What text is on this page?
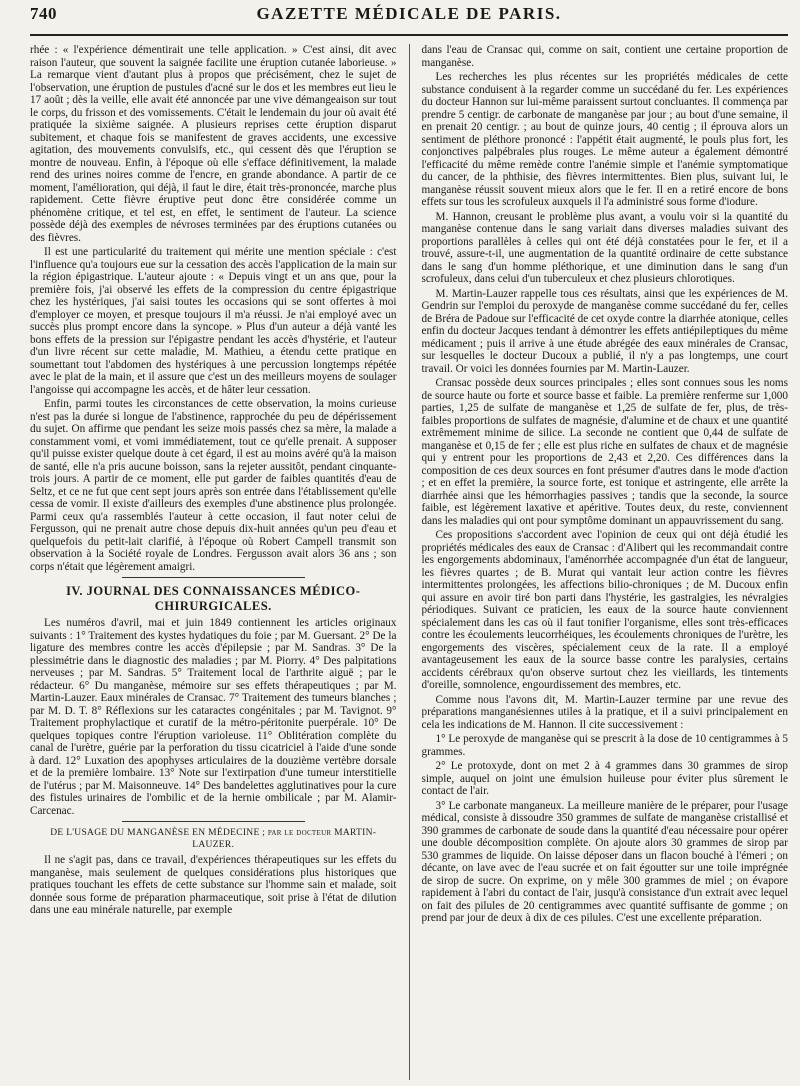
740	GAZETTE MÉDICALE DE PARIS.

rhée : « l'expérience démentirait une telle application. » C'est ainsi, dit avec raison l'auteur, que souvent la saignée facilite une éruption cutanée laborieuse. » La remarque vient d'autant plus à propos que précisément, chez le sujet de l'observation, une éruption de pustules d'acné sur le dos et les membres eut lieu le 17 août ; dès la veille, elle avait été annoncée par une vive démangeaison sur tout le corps, du frisson et des vomissements. C'était le lendemain du jour où avait été pratiquée la sixième saignée. A plusieurs reprises cette éruption disparut subitement, et chaque fois se manifestent de graves accidents, une excessive agitation, des mouvements convulsifs, etc., qui cessent dès que l'éruption se montre de nouveau. Enfin, à l'époque où elle s'efface définitivement, la malade rend des urines noires comme de l'encre, en grande abondance. A partir de ce moment, l'amélioration, qui déjà, il faut le dire, était très-prononcée, marche plus rapidement. Cette fièvre éruptive peut donc être considérée comme un phénomène critique, et tel est, en effet, le sentiment de l'auteur. La science possède déjà des exemples de névroses terminées par des éruptions cutanées ou des fièvres.

Il est une particularité du traitement qui mérite une mention spéciale : c'est l'influence qu'a toujours eue sur la cessation des accès l'application de la main sur la région épigastrique. L'auteur ajoute : « Depuis vingt et un ans que, pour la première fois, j'ai observé les effets de la compression du centre épigastrique chez les hystériques, j'ai saisi toutes les occasions qui se sont offertes à moi d'employer ce moyen, et presque toujours il m'a réussi. Je n'ai employé avec un succès plus prompt encore dans la syncope. » Plus d'un auteur a déjà vanté les bons effets de la pression sur l'épigastre pendant les accès d'hystérie, et l'auteur d'un livre récent sur cette maladie, M. Mathieu, a étendu cette pratique en soumettant tout l'abdomen des hystériques à une percussion longtemps répétée avec le plat de la main, et il assure que c'est un des meilleurs moyens de soulager l'angoisse qui accompagne les accès, et de hâter leur cessation.

Enfin, parmi toutes les circonstances de cette observation, la moins curieuse n'est pas la durée si longue de l'abstinence, rapprochée du peu de dépérissement du sujet. On affirme que pendant les seize mois passés chez sa mère, la malade a constamment vomi, et vomi immédiatement, tout ce qu'elle prenait. A supposer qu'il puisse exister quelque doute à cet égard, il est au moins avéré qu'à la maison de santé, elle n'a pris aucune boisson, sans la rejeter aussitôt, pendant cinquante-trois jours. A partir de ce moment, elle put garder de faibles quantités d'eau de Seltz, et ce ne fut que cent sept jours après son entrée dans l'établissement qu'elle cessa de vomir. Il existe d'ailleurs des exemples d'une abstinence plus prolongée. Parmi ceux qu'a rassemblés l'auteur à cette occasion, il faut noter celui de Fergusson, qui ne prenait autre chose depuis dix-huit années qu'un peu d'eau et quelquefois du petit-lait clarifié, à l'époque où Robert Campell transmit son observation à la Société royale de Londres. Fergusson avait alors 36 ans ; son corps n'était que légèrement amaigri.

IV. JOURNAL DES CONNAISSANCES MÉDICO-CHIRURGICALES.

Les numéros d'avril, mai et juin 1849 contiennent les articles originaux suivants : 1° Traitement des kystes hydatiques du foie ; par M. Guersant. 2° De la ligature des membres contre les accès d'épilepsie ; par M. Sandras. 3° De la plessimétrie dans le diagnostic des maladies ; par M. Piorry. 4° Des palpitations nerveuses ; par M. Sandras. 5° Traitement local de l'arthrite aiguë ; par le rédacteur. 6° Du manganèse, mémoire sur ses effets thérapeutiques ; par M. Martin-Lauzer. Eaux minérales de Cransac. 7° Traitement des tumeurs blanches ; par M. D. T. 8° Réflexions sur les cataractes congénitales ; par M. Tavignot. 9° Traitement prophylactique et curatif de la métro-péritonite puerpérale. 10° De quelques topiques contre l'éruption varioleuse. 11° Oblitération complète du canal de l'urètre, guérie par la perforation du tissu cicatriciel à l'aide d'une sonde à dard. 12° Luxation des apophyses articulaires de la douzième vertèbre dorsale et de la première lombaire. 13° Note sur l'extirpation d'une tumeur interstitielle de l'utérus ; par M. Maisonneuve. 14° Des bandelettes agglutinatives pour la cure des fistules urinaires de l'ombilic et de la hernie ombilicale ; par M. Alamir-Carcenac.

DE L'USAGE DU MANGANÈSE EN MÉDECINE ; par le docteur MARTIN-LAUZER.

Il ne s'agit pas, dans ce travail, d'expériences thérapeutiques sur les effets du manganèse, mais seulement de quelques considérations plus historiques que pratiques touchant les effets de cette substance sur l'homme sain et malade, soit donnée sous forme de préparation pharmaceutique, soit prise à l'état de dilution dans une eau minérale naturelle, par exemple

dans l'eau de Cransac qui, comme on sait, contient une certaine proportion de manganèse.

Les recherches les plus récentes sur les propriétés médicales de cette substance conduisent à la regarder comme un succédané du fer. Les expériences du docteur Hannon sur lui-même paraissent surtout concluantes. Il commença par prendre 5 centigr. de carbonate de manganèse par jour ; au bout d'une semaine, il en prenait 20 centigr. ; au bout de quinze jours, 40 centig ; il éprouva alors un sentiment de pléthore prononcé : l'appétit était augmenté, le pouls plus fort, les conjonctives palpébrales plus rouges. Le même auteur a également démontré l'efficacité du même remède contre l'anémie simple et l'anémie symptomatique du cancer, de la phthisie, des fièvres intermittentes. Bien plus, suivant lui, le manganèse réussit souvent mieux alors que le fer. Il en a retiré encore de bons effets sur tous les scrofuleux auxquels il l'a administré sous forme d'iodure.

M. Hannon, creusant le problème plus avant, a voulu voir si la quantité du manganèse contenue dans le sang variait dans diverses maladies suivant des proportions parallèles à celles qui ont été déjà constatées pour le fer, et il a trouvé, assure-t-il, une augmentation de la quantité ordinaire de cette substance dans le sang d'un homme pléthorique, et une diminution dans le sang d'un scrofuleux, dans celui d'un tuberculeux et chez plusieurs chlorotiques.

M. Martin-Lauzer rappelle tous ces résultats, ainsi que les expériences de M. Gendrin sur l'emploi du peroxyde de manganèse comme succédané du fer, celles de Bréra de Padoue sur l'efficacité de cet oxyde contre la diarrhée atonique, celles enfin du docteur Jacques tendant à démontrer les effets antiépileptiques du même médicament ; puis il arrive à une étude abrégée des eaux minérales de Cransac, sur lesquelles le docteur Ducoux a publié, il n'y a pas longtemps, une court travail. Or voici les données fournies par M. Martin-Lauzer.

Cransac possède deux sources principales ; elles sont connues sous les noms de source haute ou forte et source basse et faible. La première renferme sur 1,000 parties, 1,25 de sulfate de manganèse et 1,25 de sulfate de fer, plus, de très-faibles proportions de sulfates de magnésie, d'alumine et de chaux et une quantité extrêmement minime de silice. La seconde ne contient que 0,44 de sulfate de manganèse et 0,15 de fer ; elle est plus riche en sulfates de chaux et de magnésie qui y entrent pour les proportions de 2,43 et 2,20. Ces différences dans la composition de ces deux sources en font présumer d'autres dans le mode d'action ; et en effet la première, la source forte, est tonique et astringente, elle arrête la diarrhée ainsi que les hémorrhagies passives ; tandis que la seconde, la source faible, est légèrement laxative et apéritive. Toutes deux, du reste, conviennent dans les maladies qui ont pour symptôme dominant un appauvrissement du sang.

Ces propositions s'accordent avec l'opinion de ceux qui ont déjà étudié les propriétés médicales des eaux de Cransac : d'Alibert qui les recommandait contre les engorgements abdominaux, l'aménorrhée accompagnée d'un état de langueur, les fièvres quartes ; de B. Murat qui vantait leur action contre les fièvres intermittentes prolongées, les affections bilio-chroniques ; de M. Ducoux enfin qui assure en avoir tiré bon parti dans l'hystérie, les gastralgies, les névralgies périodiques. Suivant ce praticien, les eaux de la source haute conviennent spécialement dans les cas où il faut tonifier l'organisme, elles sont très-efficaces contre les écoulements leucorrhéiques, les écoulements chroniques de l'urètre, les engorgements des viscères, spécialement ceux de la rate. Il a employé avantageusement les eaux de la source basse contre les paralysies, certains accidents cérébraux qu'on observe surtout chez les vieillards, les tintements d'oreille, somnolence, engourdissement des membres, etc.

Comme nous l'avons dit, M. Martin-Lauzer termine par une revue des préparations manganésiennes utiles à la pratique, et il a suivi principalement en cela les indications de M. Hannon. Il cite successivement :

1° Le peroxyde de manganèse qui se prescrit à la dose de 10 centigrammes à 5 grammes.

2° Le protoxyde, dont on met 2 à 4 grammes dans 30 grammes de sirop simple, auquel on joint une émulsion huileuse pour éviter plus sûrement le contact de l'air.

3° Le carbonate manganeux. La meilleure manière de le préparer, pour l'usage médical, consiste à dissoudre 350 grammes de sulfate de manganèse cristallisé et 390 grammes de carbonate de soude dans la quantité d'eau nécessaire pour opérer une double décomposition complète. On ajoute alors 30 grammes de sirop par 530 grammes de liquide. On laisse déposer dans un flacon bouché à l'émeri ; on décante, on lave avec de l'eau sucrée et on fait égoutter sur une toile imprégnée de sirop de sucre. On exprime, on y mêle 300 grammes de miel ; on évapore rapidement à l'abri du contact de l'air, jusqu'à consistance d'un extrait avec lequel on fait des pilules de 20 centigrammes avec quantité suffisante de gomme ; on prend par jour de deux à dix de ces pilules. C'est une excellente préparation.
